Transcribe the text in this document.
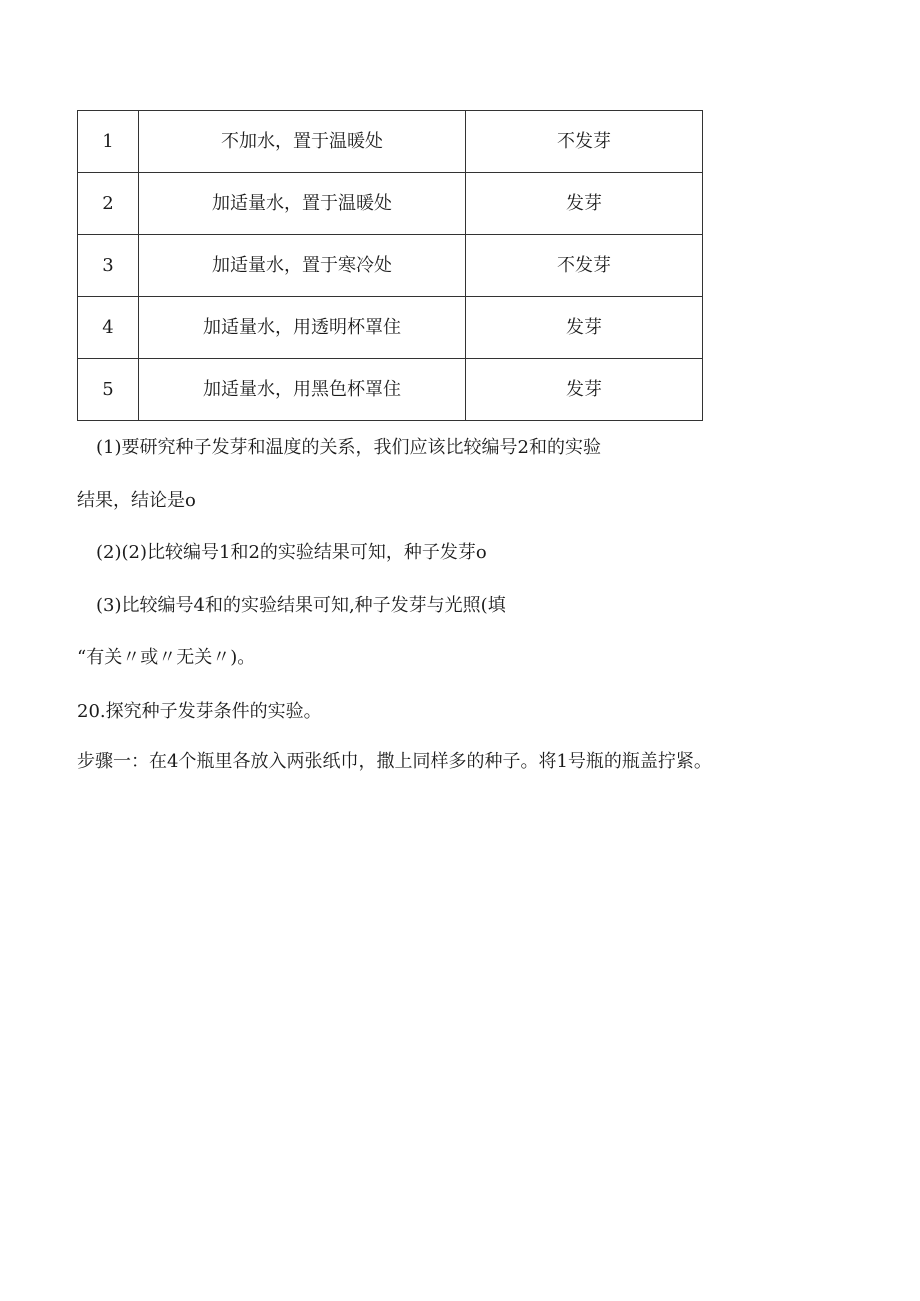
1	不加水，置于温暖处	不发芽
2	加适量水，置于温暖处	发芽
3	加适量水，置于寒冷处	不发芽
4	加适量水，用透明杯罩住	发芽
5	加适量水，用黑色杯罩住	发芽
(1)要研究种子发芽和温度的关系，我们应该比较编号2和的实验
结果，结论是o
(2)(2)比较编号1和2的实验结果可知，种子发芽o
(3)比较编号4和的实验结果可知,种子发芽与光照(填
“有关〃或〃无关〃)。
20.探究种子发芽条件的实验。
步骤一：在4个瓶里各放入两张纸巾，撒上同样多的种子。将1号瓶的瓶盖拧紧。
